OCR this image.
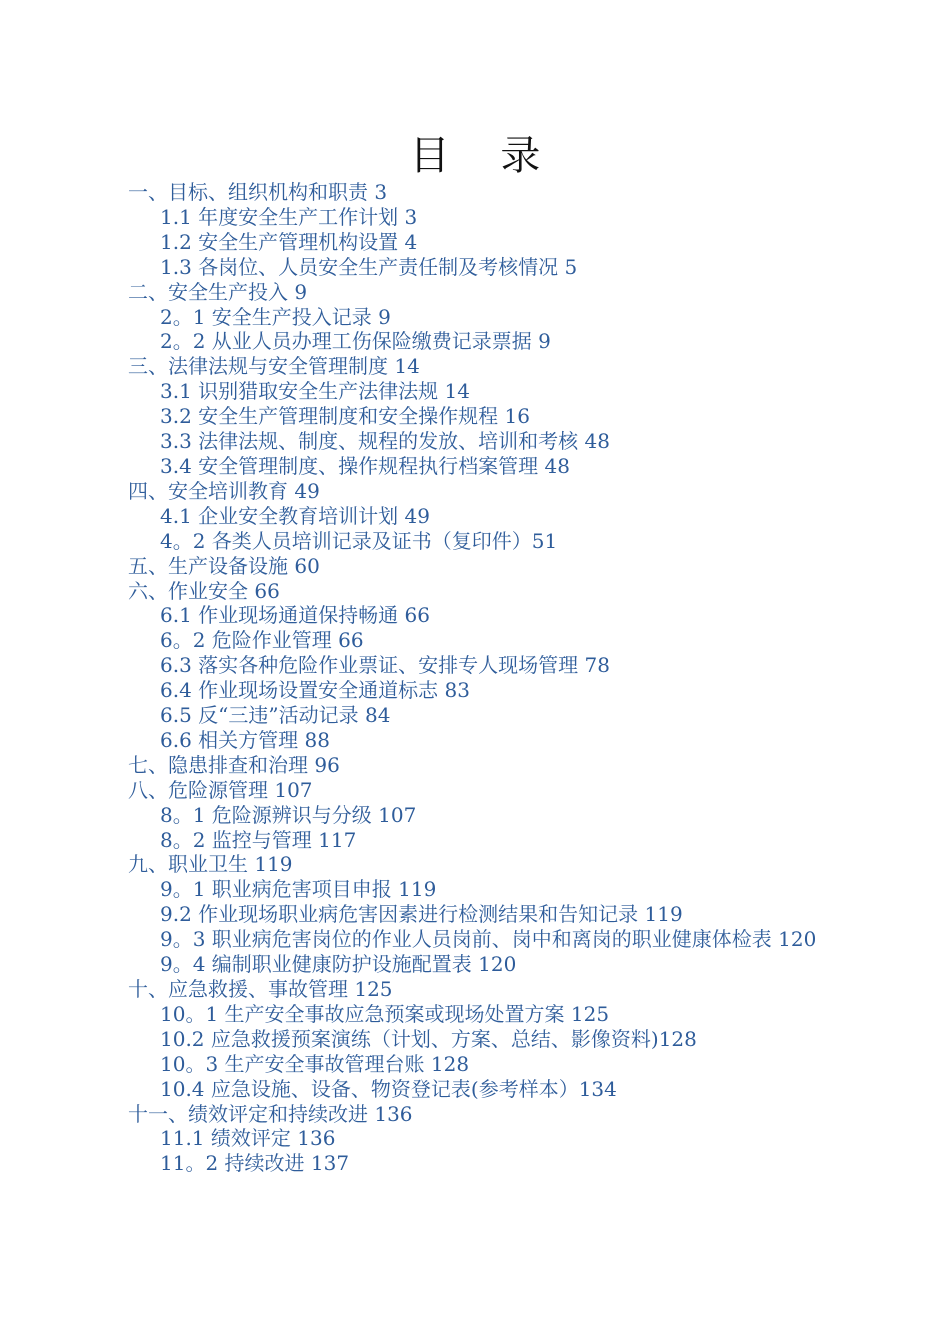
目    录
一、目标、组织机构和职责 3
1.1 年度安全生产工作计划 3
1.2 安全生产管理机构设置 4
1.3 各岗位、人员安全生产责任制及考核情况 5
二、安全生产投入 9
2。1 安全生产投入记录 9
2。2 从业人员办理工伤保险缴费记录票据 9
三、法律法规与安全管理制度 14
3.1 识别猎取安全生产法律法规 14
3.2 安全生产管理制度和安全操作规程 16
3.3 法律法规、制度、规程的发放、培训和考核 48
3.4 安全管理制度、操作规程执行档案管理 48
四、安全培训教育 49
4.1 企业安全教育培训计划 49
4。2 各类人员培训记录及证书（复印件）51
五、生产设备设施 60
六、作业安全 66
6.1 作业现场通道保持畅通 66
6。2 危险作业管理 66
6.3 落实各种危险作业票证、安排专人现场管理 78
6.4 作业现场设置安全通道标志 83
6.5 反“三违”活动记录 84
6.6 相关方管理 88
七、隐患排查和治理 96
八、危险源管理 107
8。1 危险源辨识与分级 107
8。2 监控与管理 117
九、职业卫生 119
9。1 职业病危害项目申报 119
9.2 作业现场职业病危害因素进行检测结果和告知记录 119
9。3 职业病危害岗位的作业人员岗前、岗中和离岗的职业健康体检表 120
9。4 编制职业健康防护设施配置表 120
十、应急救援、事故管理 125
10。1 生产安全事故应急预案或现场处置方案 125
10.2 应急救援预案演练（计划、方案、总结、影像资料)128
10。3 生产安全事故管理台账 128
10.4 应急设施、设备、物资登记表(参考样本）134
十一、绩效评定和持续改进 136
11.1 绩效评定 136
11。2 持续改进 137
